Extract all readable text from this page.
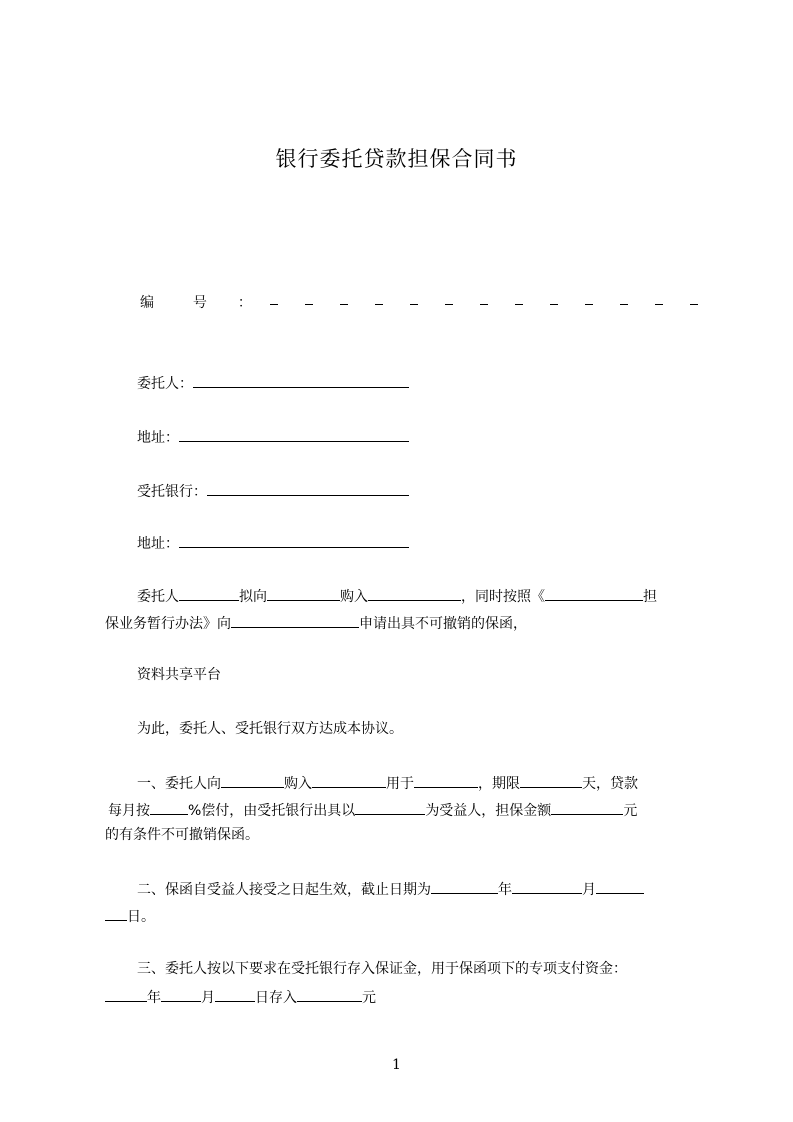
银行委托贷款担保合同书
编	号 ：
委托人：
地址：
受托银行：
地址：
委托人	拟向	购入	，同时按照《	担
保业务暂行办法》向	申请出具不可撤销的保函，
资料共享平台
为此，委托人、受托银行双方达成本协议。
一、委托人向	购入	用于	，期限	天，贷款
每月按	%偿付，由受托银行出具以	为受益人，担保金额	元
的有条件不可撤销保函。
二、保函自受益人接受之日起生效，截止日期为	年	月
日。
三、委托人按以下要求在受托银行存入保证金，用于保函项下的专项支付资金：
年	月	日存入	元
1
